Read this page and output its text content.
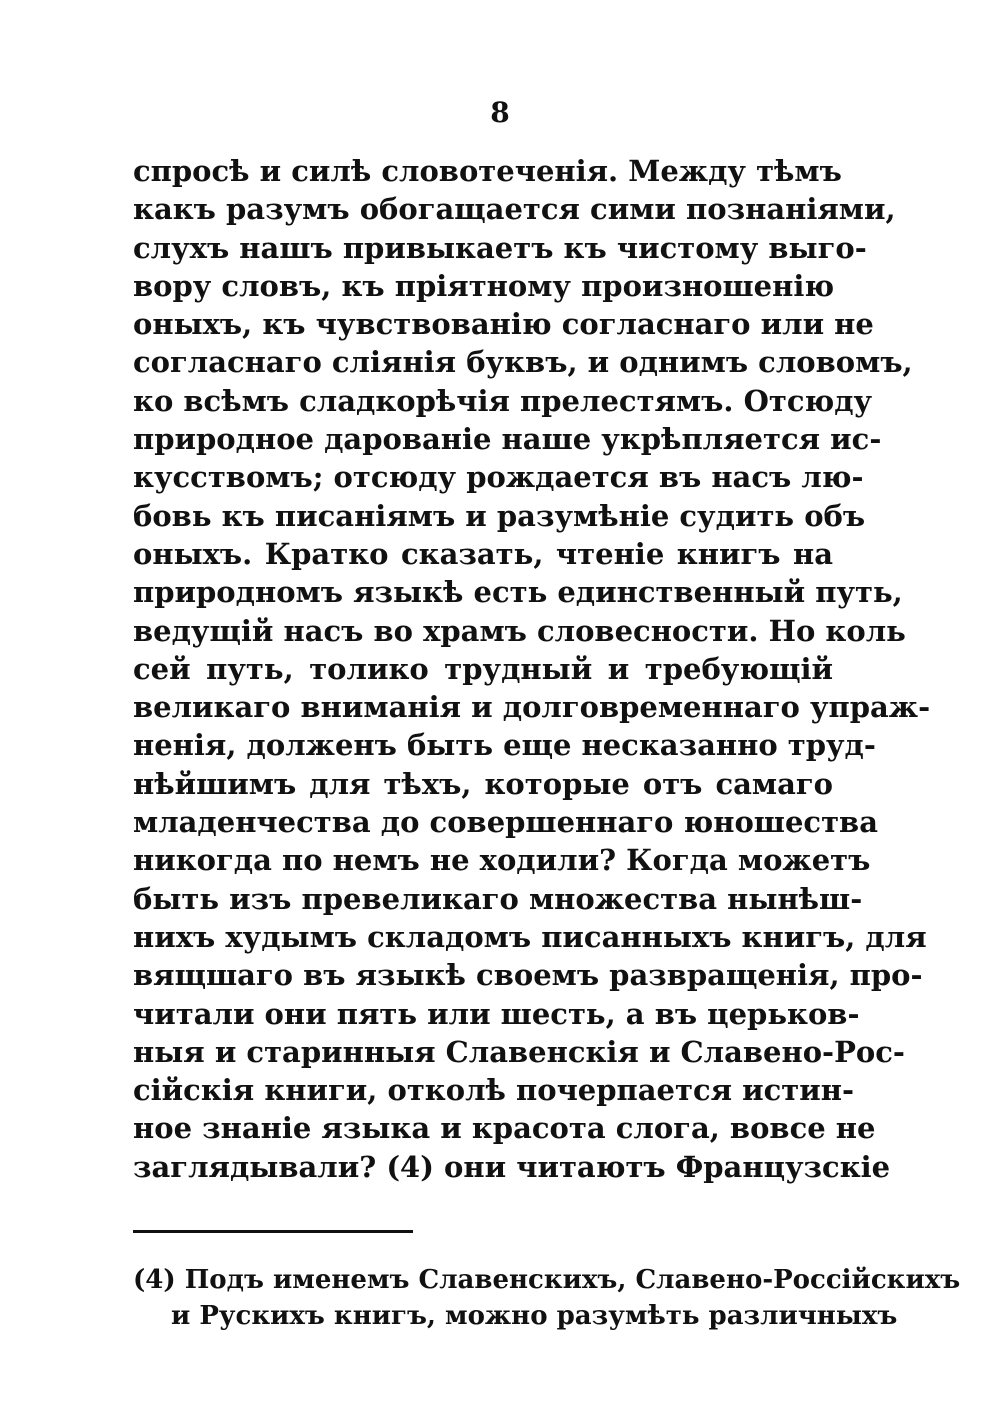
8
спросѣ и силѣ словотеченія. Между тѣмъ
какъ разумъ обогащается сими познаніями,
слухъ нашъ привыкаетъ къ чистому выго-
вору словъ, къ пріятному произношенію
оныхъ, къ чувствованію согласнаго или не
согласнаго сліянія буквъ, и однимъ словомъ,
ко всѣмъ сладкорѣчія прелестямъ. Отсюду
природное дарованіе наше укрѣпляется ис-
кусствомъ; отсюду рождается въ насъ лю-
бовь къ писаніямъ и разумѣніе судить объ
оныхъ. Кратко сказать, чтеніе книгъ на
природномъ языкѣ есть единственный путь,
ведущій насъ во храмъ словесности. Но коль
сей путь, толико трудный и требующій
великаго вниманія и долговременнаго упраж-
ненія, долженъ быть еще несказанно труд-
нѣйшимъ для тѣхъ, которые отъ самаго
младенчества до совершеннаго юношества
никогда по немъ не ходили? Когда можетъ
быть изъ превеликаго множества нынѣш-
нихъ худымъ складомъ писанныхъ книгъ, для
вящшаго въ языкѣ своемъ развращенія, про-
читали они пять или шесть, а въ церьков-
ныя и старинныя Славенскія и Славено-Рос-
сійскія книги, отколѣ почерпается истин-
ное знаніе языка и красота слога, вовсе не
заглядывали? (4) они читаютъ Французскіе
(4) Подъ именемъ Славенскихъ, Славено-Россійскихъ
и Рускихъ книгъ, можно разумѣть различныхъ
